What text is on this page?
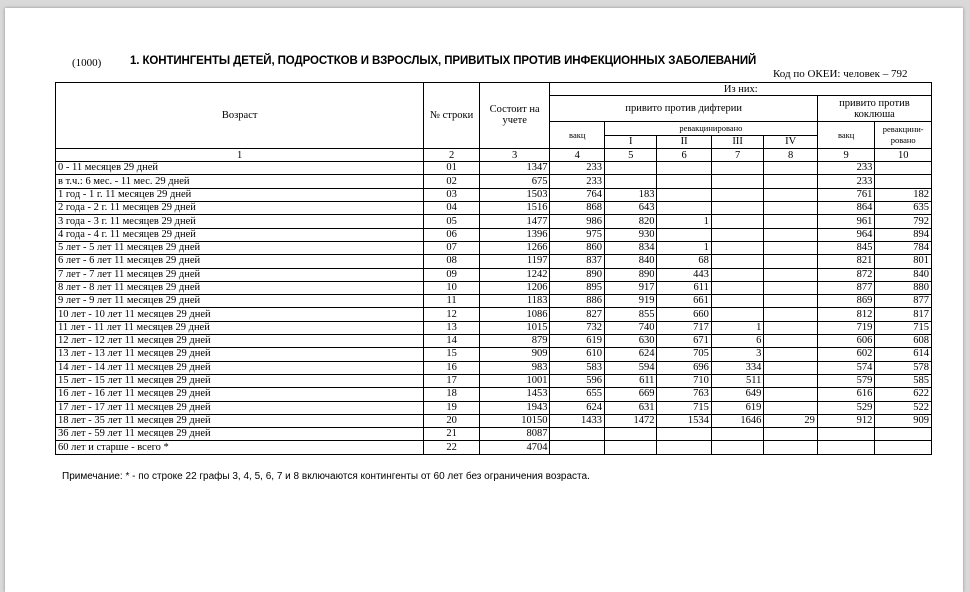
(1000) 1. КОНТИНГЕНТЫ ДЕТЕЙ, ПОДРОСТКОВ И ВЗРОСЛЫХ, ПРИВИТЫХ ПРОТИВ ИНФЕКЦИОННЫХ ЗАБОЛЕВАНИЙ
Код по ОКЕИ: человек – 792
Возраст	№ строки	Состоит на учете	Из них:						
			привито против дифтерии					привито против коклюша	
			вакц	ревакцинировано				вакц	ревакцини-ровано
				I	II	III	IV		
1	2	3	4	5	6	7	8	9	10
0 - 11 месяцев 29 дней	01	1347	233					233	
в т.ч.: 6 мес. - 11 мес. 29 дней	02	675	233					233	
1 год - 1 г. 11 месяцев 29 дней	03	1503	764	183				761	182
2 года - 2 г. 11 месяцев 29 дней	04	1516	868	643				864	635
3 года - 3 г. 11 месяцев 29 дней	05	1477	986	820	1			961	792
4 года - 4 г. 11 месяцев 29 дней	06	1396	975	930				964	894
5 лет - 5 лет 11 месяцев 29 дней	07	1266	860	834	1			845	784
6 лет - 6 лет 11 месяцев 29 дней	08	1197	837	840	68			821	801
7 лет - 7 лет 11 месяцев 29 дней	09	1242	890	890	443			872	840
8 лет - 8 лет 11 месяцев 29 дней	10	1206	895	917	611			877	880
9 лет - 9 лет 11 месяцев 29 дней	11	1183	886	919	661			869	877
10 лет - 10 лет 11 месяцев 29 дней	12	1086	827	855	660			812	817
11 лет - 11 лет 11 месяцев 29 дней	13	1015	732	740	717	1		719	715
12 лет - 12 лет 11 месяцев 29 дней	14	879	619	630	671	6		606	608
13 лет - 13 лет 11 месяцев 29 дней	15	909	610	624	705	3		602	614
14 лет - 14 лет 11 месяцев 29 дней	16	983	583	594	696	334		574	578
15 лет - 15 лет 11 месяцев 29 дней	17	1001	596	611	710	511		579	585
16 лет - 16 лет 11 месяцев 29 дней	18	1453	655	669	763	649		616	622
17 лет - 17 лет 11 месяцев 29 дней	19	1943	624	631	715	619		529	522
18 лет - 35 лет 11 месяцев 29 дней	20	10150	1433	1472	1534	1646	29	912	909
36 лет - 59 лет 11 месяцев 29 дней	21	8087							
60 лет и старше - всего *	22	4704							
Примечание: * - по строке 22 графы 3, 4, 5, 6, 7 и 8 включаются контингенты от 60 лет без ограничения возраста.
